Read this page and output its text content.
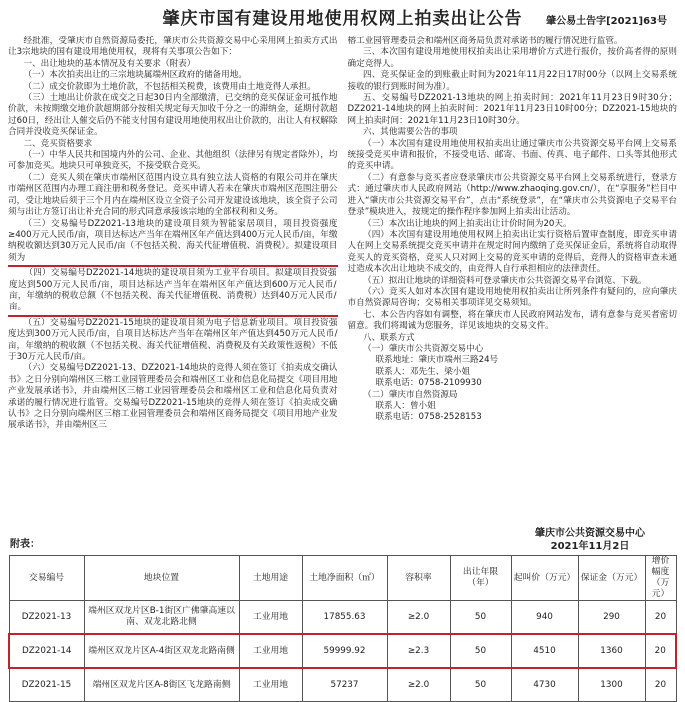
肇庆市国有建设用地使用权网上拍卖出让公告 肇公易土告字[2021]63号

经批准，受肇庆市自然资源局委托，肇庆市公共资源交易中心采用网上拍卖方式出让3宗地块的国有建设用地使用权，现将有关事项公告如下：

一、出让地块的基本情况及有关要求（附表）

（一）本次拍卖出让的三宗地块属端州区政府的储备用地。

（二）成交价款即为土地价款，不包括相关税费，该费用由土地竞得人承担。

（三）土地出让价款在成交之日起30日内全部缴清，已交纳的竞买保证金可抵作地价款，未按期缴交地价款超期部分按相关规定每天加收千分之一的滞纳金，延期付款超过60日，经出让人催交后仍不能支付国有建设用地使用权出让价款的，出让人有权解除合同并没收竞买保证金。

二、竞买资格要求

（一）中华人民共和国境内外的公司、企业、其他组织（法律另有规定者除外），均可参加竞买。地块只可单独竞买，不接受联合竞买。

（二）竞买人须在肇庆市端州区范围内设立具有独立法人资格的有限公司并在肇庆市端州区范围内办理工商注册和税务登记。竞买申请人若未在肇庆市端州区范围注册公司，受让地块后须于三个月内在端州区设立全资子公司开发建设该地块，该全资子公司须与出让方签订出让补充合同的形式同意承接该宗地的全部权利和义务。

（三）交易编号DZ2021-13地块的建设项目须为智能家居项目，项目投资强度≥400万元人民币/亩，项目达标达产当年在端州区年产值达到400万元人民币/亩，年缴纳税收额达到30万元人民币/亩（不包括关税、海关代征增值税、消费税）。拟建设项目须为

（四）交易编号DZ2021-14地块的建设项目须为工业平台项目。拟建项目投资强度达到500万元人民币/亩，项目达标达产当年在端州区年产值达到600万元人民币/亩，年缴纳的税收总额（不包括关税、海关代征增值税、消费税）达到40万元人民币/亩。

（五）交易编号DZ2021-15地块的建设项目须为电子信息新业项目。项目投资强度达到300万元人民币/亩，自项目达标达产当年在端州区年产值达到450万元人民币/亩，年缴纳的税收额（不包括关税、海关代征增值税、消费税及有关政策性返税）不低于30万元人民币/亩。

（六）交易编号DZ2021-13、DZ2021-14地块的竞得人须在签订《拍卖成交确认书》之日分别向端州区三榕工业园管理委员会和端州区工业和信息化局提交《项目用地产业发展承诺书》，并由端州区三榕工业园管理委员会和端州区工业和信息化局负责对承诺的履行情况进行监管。交易编号DZ2021-15地块的竞得人须在签订《拍卖成交确认书》之日分别向端州区三榕工业园管理委员会和端州区商务局提交《项目用地产业发展承诺书》，并由端州区三

榕工业园管理委员会和端州区商务局负责对承诺书的履行情况进行监管。

三、本次国有建设用地使用权拍卖出让采用增价方式进行报价，按价高者得的原则确定竞得人。

四、竞买保证金的到账截止时间为2021年11月22日17时00分（以网上交易系统接收的银行到账时间为准）。

五、交易编号DZ2021-13地块的网上拍卖时间：2021年11月23日9时30分；DZ2021-14地块的网上拍卖时间：2021年11月23日10时00分；DZ2021-15地块的网上拍卖时间：2021年11月23日10时30分。

六、其他需要公告的事项

（一）本次国有建设用地使用权拍卖出让通过肇庆市公共资源交易平台网上交易系统接受竞买申请和报价，不接受电话、邮寄、书面、传真、电子邮件、口头等其他形式的竞买申请。

（二）有意参与竞买者应登录肇庆市公共资源交易平台网上交易系统进行，登录方式：通过肇庆市人民政府网站（http://www.zhaoqing.gov.cn/），在“享服务”栏目中进入“肇庆市公共资源交易平台”，点击“系统登录”，在“肇庆市公共资源电子交易平台登录”模块进入，按规定的操作程序参加网上拍卖出让活动。

（三）本次出让地块的网上拍卖出让计价时间为20天。

（四）本次国有建设用地使用权网上拍卖出让实行资格后置审查制度，即竞买申请人在网上交易系统提交竞买申请并在规定时间内缴纳了竞买保证金后，系统将自动取得竞买人的竞买资格，竞买人只对网上交易的竞买申请的竞得后，竞得人的资格审查未通过造成本次出让地块不成交的，由竞得人自行承担相应的法律责任。

（五）拟出让地块的详细资料可登录肇庆市公共资源交易平台浏览、下载。

（六）竞买人如对本次国有建设用地使用权拍卖出让所列条件有疑问的，应向肇庆市自然资源局咨询；交易相关事项详见交易须知。

七、本公告内容如有调整，将在肇庆市人民政府网站发布，请有意参与竞买者密切留意。我们将竭诚为您服务，详见该地块的交易文件。

八、联系方式

（一）肇庆市公共资源交易中心

联系地址：肇庆市端州三路24号

联系人：邓先生、梁小姐

联系电话：0758-2109930

（二）肇庆市自然资源局

联系人：曾小姐

联系电话：0758-2528153

附表：
肇庆市公共资源交易中心
2021年11月2日
交易编号	地块位置	土地用途	土地净面积（㎡）	容积率	出让年限（年）	起叫价（万元）	保证金（万元）	增价幅度（万元）
DZ2021-13	端州区双龙片区B-1街区广佛肇高速以南、双龙北路北侧	工业用地	17855.63	≥2.0	50	940	290	20
DZ2021-14	端州区双龙片区A-4街区双龙北路南侧	工业用地	59999.92	≥2.3	50	4510	1360	20
DZ2021-15	端州区双龙片区A-8街区飞龙路南侧	工业用地	57237	≥2.0	50	4730	1300	20
